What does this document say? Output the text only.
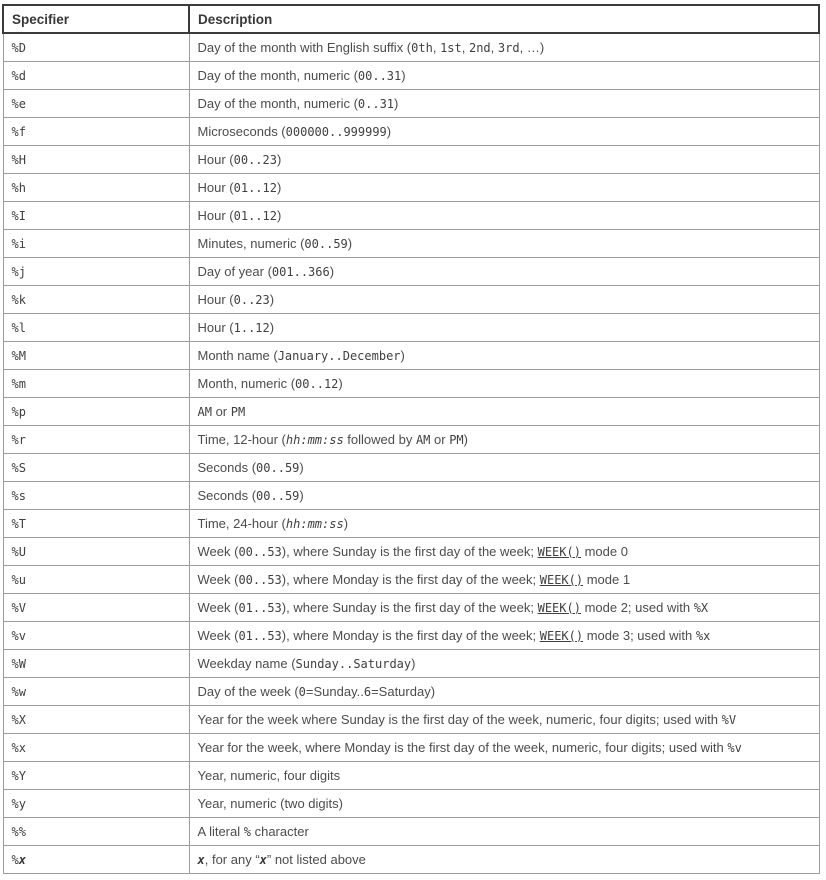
Specifier	Description
%D	Day of the month with English suffix (0th, 1st, 2nd, 3rd, …)
%d	Day of the month, numeric (00..31)
%e	Day of the month, numeric (0..31)
%f	Microseconds (000000..999999)
%H	Hour (00..23)
%h	Hour (01..12)
%I	Hour (01..12)
%i	Minutes, numeric (00..59)
%j	Day of year (001..366)
%k	Hour (0..23)
%l	Hour (1..12)
%M	Month name (January..December)
%m	Month, numeric (00..12)
%p	AM or PM
%r	Time, 12-hour (hh:mm:ss followed by AM or PM)
%S	Seconds (00..59)
%s	Seconds (00..59)
%T	Time, 24-hour (hh:mm:ss)
%U	Week (00..53), where Sunday is the first day of the week; WEEK() mode 0
%u	Week (00..53), where Monday is the first day of the week; WEEK() mode 1
%V	Week (01..53), where Sunday is the first day of the week; WEEK() mode 2; used with %X
%v	Week (01..53), where Monday is the first day of the week; WEEK() mode 3; used with %x
%W	Weekday name (Sunday..Saturday)
%w	Day of the week (0=Sunday..6=Saturday)
%X	Year for the week where Sunday is the first day of the week, numeric, four digits; used with %V
%x	Year for the week, where Monday is the first day of the week, numeric, four digits; used with %v
%Y	Year, numeric, four digits
%y	Year, numeric (two digits)
%%	A literal % character
%x	x, for any “x” not listed above
